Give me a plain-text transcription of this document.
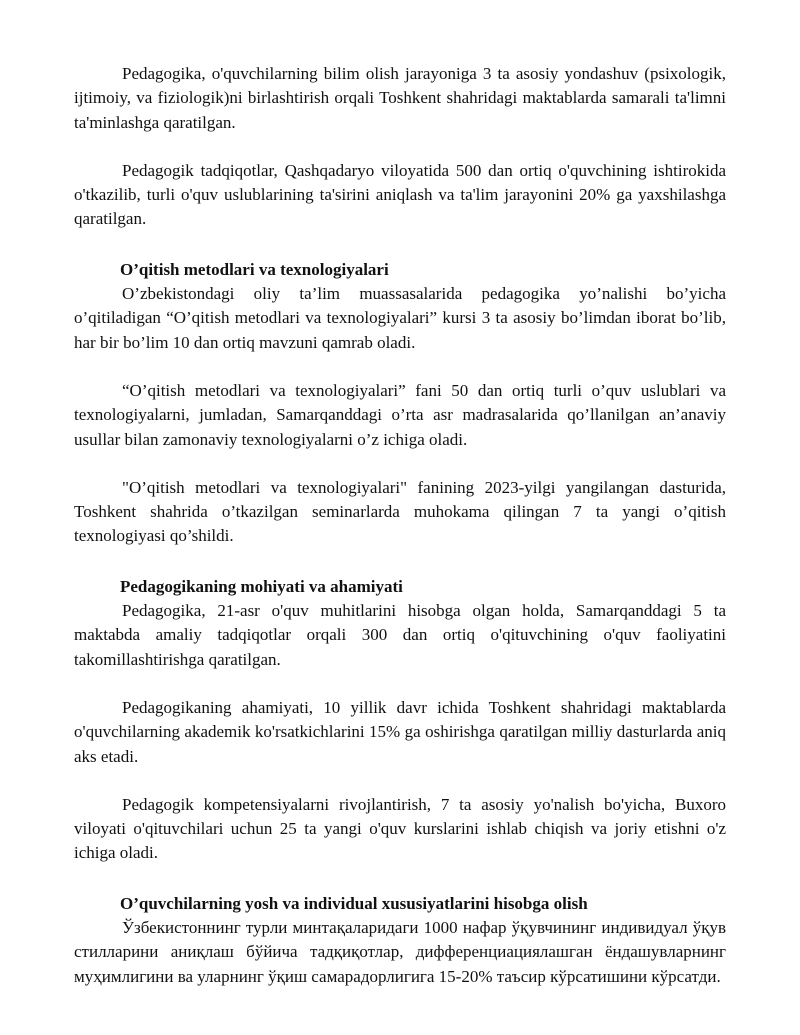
Pedagogika, o'quvchilarning bilim olish jarayoniga 3 ta asosiy yondashuv (psixologik, ijtimoiy, va fiziologik)ni birlashtirish orqali Toshkent shahridagi maktablarda samarali ta'limni ta'minlashga qaratilgan.

Pedagogik tadqiqotlar, Qashqadaryo viloyatida 500 dan ortiq o'quvchining ishtirokida o'tkazilib, turli o'quv uslublarining ta'sirini aniqlash va ta'lim jarayonini 20% ga yaxshilashga qaratilgan.

O’qitish metodlari va texnologiyalari

O’zbekistondagi oliy ta’lim muassasalarida pedagogika yo’nalishi bo’yicha o’qitiladigan “O’qitish metodlari va texnologiyalari” kursi 3 ta asosiy bo’limdan iborat bo’lib, har bir bo’lim 10 dan ortiq mavzuni qamrab oladi.

“O’qitish metodlari va texnologiyalari” fani 50 dan ortiq turli o’quv uslublari va texnologiyalarni, jumladan, Samarqanddagi o’rta asr madrasalarida qo’llanilgan an’anaviy usullar bilan zamonaviy texnologiyalarni o’z ichiga oladi.

"O’qitish metodlari va texnologiyalari" fanining 2023-yilgi yangilangan dasturida, Toshkent shahrida o’tkazilgan seminarlarda muhokama qilingan 7 ta yangi o’qitish texnologiyasi qo’shildi.

Pedagogikaning mohiyati va ahamiyati

Pedagogika, 21-asr o'quv muhitlarini hisobga olgan holda, Samarqanddagi 5 ta maktabda amaliy tadqiqotlar orqali 300 dan ortiq o'qituvchining o'quv faoliyatini takomillashtirishga qaratilgan.

Pedagogikaning ahamiyati, 10 yillik davr ichida Toshkent shahridagi maktablarda o'quvchilarning akademik ko'rsatkichlarini 15% ga oshirishga qaratilgan milliy dasturlarda aniq aks etadi.

Pedagogik kompetensiyalarni rivojlantirish, 7 ta asosiy yo'nalish bo'yicha, Buxoro viloyati o'qituvchilari uchun 25 ta yangi o'quv kurslarini ishlab chiqish va joriy etishni o'z ichiga oladi.

O’quvchilarning yosh va individual xususiyatlarini hisobga olish

Ўзбекистоннинг турли минтақаларидаги 1000 нафар ўқувчининг индивидуал ўқув стилларини аниқлаш бўйича тадқиқотлар, дифференциациялашган ёндашувларнинг муҳимлигини ва уларнинг ўқиш самарадорлигига 15-20% таъсир кўрсатишини кўрсатди.
